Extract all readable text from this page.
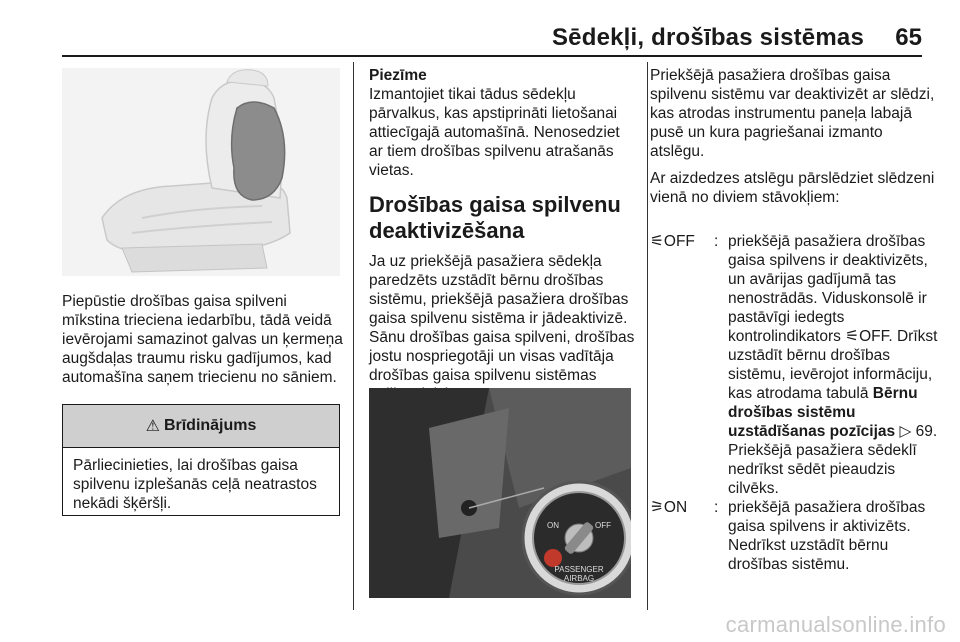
Sēdekļi, drošības sistēmas 65

Piepūstie drošības gaisa spilveni mīkstina trieciena iedarbību, tādā veidā ievērojami samazinot galvas un ķermeņa augšdaļas traumu risku gadījumos, kad automašīna saņem triecienu no sāniem.

⚠ Brīdinājums
Pārliecinieties, lai drošības gaisa spilvenu izplešanās ceļā neatrastos nekādi šķēršļi.

Piezīme

Izmantojiet tikai tādus sēdekļu pārvalkus, kas apstiprināti lietošanai attiecīgajā automašīnā. Nenosedziet ar tiem drošības spilvenu atrašanās vietas.

Drošības gaisa spilvenu deaktivizēšana

Ja uz priekšējā pasažiera sēdekļa paredzēts uzstādīt bērnu drošības sistēmu, priekšējā pasažiera drošības gaisa spilvenu sistēma ir jādeaktivizē. Sānu drošības gaisa spilveni, drošības jostu nospriegotāji un visas vadītāja drošības gaisa spilvenu sistēmas

ON	OFF
PASSENGER
AIRBAG

Priekšējā pasažiera drošības gaisa spilvenu sistēmu var deaktivizēt ar slēdzi, kas atrodas instrumentu paneļa labajā pusē un kura pagriešanai izmanto atslēgu.

Ar aizdedzes atslēgu pārslēdziet slēdzeni vienā no diviem stāvokļiem:

⚟OFF	: priekšējā pasažiera drošības gaisa spilvens ir deaktivizēts, un avārijas gadījumā tas nenostrādās. Viduskonsolē ir pastāvīgi iedegts kontrolindikators ⚟OFF. Drīkst uzstādīt bērnu drošības sistēmu, ievērojot informāciju, kas atrodama tabulā Bērnu drošības sistēmu uzstādīšanas pozīcijas ▷ 69. Priekšējā pasažiera sēdeklī nedrīkst sēdēt pieaudzis cilvēks.
⚞ON	: priekšējā pasažiera drošības gaisa spilvens ir aktivizēts. Nedrīkst uzstādīt bērnu drošības sistēmu.
carmanualsonline.info
